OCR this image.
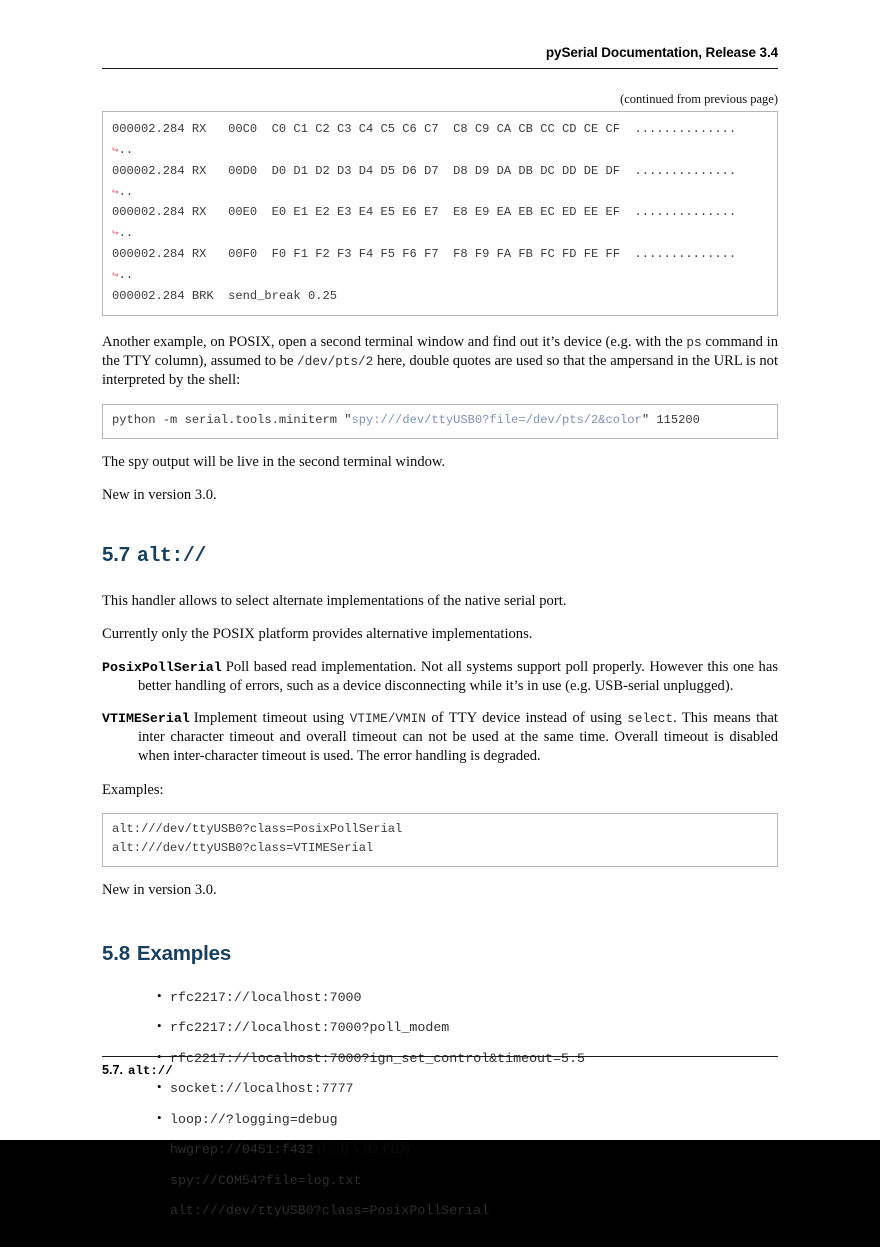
pySerial Documentation, Release 3.4
(continued from previous page)
000002.284 RX   00C0  C0 C1 C2 C3 C4 C5 C6 C7  C8 C9 CA CB CC CD CE CF  ..............
↪..
000002.284 RX   00D0  D0 D1 D2 D3 D4 D5 D6 D7  D8 D9 DA DB DC DD DE DF  ..............
↪..
000002.284 RX   00E0  E0 E1 E2 E3 E4 E5 E6 E7  E8 E9 EA EB EC ED EE EF  ..............
↪..
000002.284 RX   00F0  F0 F1 F2 F3 F4 F5 F6 F7  F8 F9 FA FB FC FD FE FF  ..............
↪..
000002.284 BRK  send_break 0.25

Another example, on POSIX, open a second terminal window and find out it’s device (e.g. with the ps command in the TTY column), assumed to be /dev/pts/2 here, double quotes are used so that the ampersand in the URL is not interpreted by the shell:

python -m serial.tools.miniterm "spy:///dev/ttyUSB0?file=/dev/pts/2&color" 115200

The spy output will be live in the second terminal window.

New in version 3.0.

5.7 alt://

This handler allows to select alternate implementations of the native serial port.

Currently only the POSIX platform provides alternative implementations.

PosixPollSerial Poll based read implementation. Not all systems support poll properly. However this one has better handling of errors, such as a device disconnecting while it’s in use (e.g. USB-serial unplugged).
VTIMESerial Implement timeout using VTIME/VMIN of TTY device instead of using select. This means that inter character timeout and overall timeout can not be used at the same time. Overall timeout is disabled when inter-character timeout is used. The error handling is degraded.

Examples:

alt:///dev/ttyUSB0?class=PosixPollSerial
alt:///dev/ttyUSB0?class=VTIMESerial

New in version 3.0.

5.8 Examples
• rfc2217://localhost:7000
• rfc2217://localhost:7000?poll_modem
• rfc2217://localhost:7000?ign_set_control&timeout=5.5
• socket://localhost:7777
• loop://?logging=debug
• hwgrep://0451:f432 (USB VID:PID)
• spy://COM54?file=log.txt
• alt:///dev/ttyUSB0?class=PosixPollSerial
5.7. alt://
